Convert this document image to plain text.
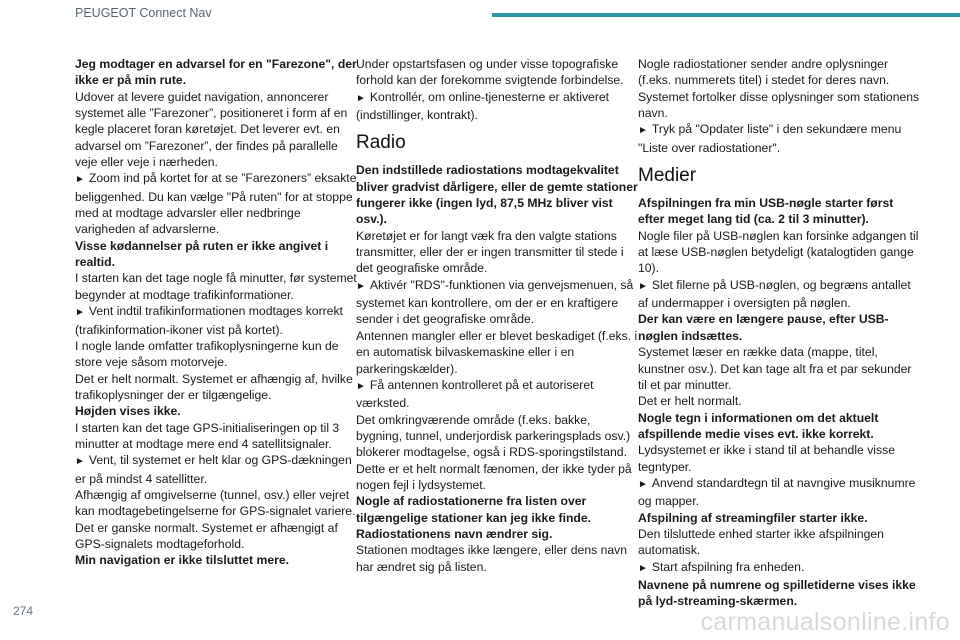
PEUGEOT Connect Nav

Jeg modtager en advarsel for en "Farezone", der ikke er på min rute.

Udover at levere guidet navigation, annoncerer systemet alle ”Farezoner”, positioneret i form af en kegle placeret foran køretøjet. Det leverer evt. en advarsel om ”Farezoner”, der findes på parallelle veje eller veje i nærheden.

► Zoom ind på kortet for at se ”Farezoners” eksakte beliggenhed. Du kan vælge "På ruten" for at stoppe med at modtage advarsler eller nedbringe varigheden af advarslerne.

Visse kødannelser på ruten er ikke angivet i realtid.

I starten kan det tage nogle få minutter, før systemet begynder at modtage trafikinformationer.

► Vent indtil trafikinformationen modtages korrekt (trafikinformation-ikoner vist på kortet).

I nogle lande omfatter trafikoplysningerne kun de store veje såsom motorveje.

Det er helt normalt. Systemet er afhængig af, hvilke trafikoplysninger der er tilgængelige.

Højden vises ikke.

I starten kan det tage GPS-initialiseringen op til 3 minutter at modtage mere end 4 satellitsignaler.

► Vent, til systemet er helt klar og GPS-dækningen er på mindst 4 satellitter.

Afhængig af omgivelserne (tunnel, osv.) eller vejret kan modtagebetingelserne for GPS-signalet variere.

Det er ganske normalt. Systemet er afhængigt af GPS-signalets modtageforhold.

Min navigation er ikke tilsluttet mere.

Under opstartsfasen og under visse topografiske forhold kan der forekomme svigtende forbindelse.

► Kontrollér, om online-tjenesterne er aktiveret (indstillinger, kontrakt).

Radio

Den indstillede radiostations modtagekvalitet bliver gradvist dårligere, eller de gemte stationer fungerer ikke (ingen lyd, 87,5 MHz bliver vist osv.).

Køretøjet er for langt væk fra den valgte stations transmitter, eller der er ingen transmitter til stede i det geografiske område.

► Aktivér "RDS"-funktionen via genvejsmenuen, så systemet kan kontrollere, om der er en kraftigere sender i det geografiske område.

Antennen mangler eller er blevet beskadiget (f.eks. i en automatisk bilvaskemaskine eller i en parkeringskælder).

► Få antennen kontrolleret på et autoriseret værksted.

Det omkringværende område (f.eks. bakke, bygning, tunnel, underjordisk parkeringsplads osv.) blokerer modtagelse, også i RDS-sporingstilstand.

Dette er et helt normalt fænomen, der ikke tyder på nogen fejl i lydsystemet.

Nogle af radiostationerne fra listen over tilgængelige stationer kan jeg ikke finde.

Radiostationens navn ændrer sig.

Stationen modtages ikke længere, eller dens navn har ændret sig på listen.

Nogle radiostationer sender andre oplysninger (f.eks. nummerets titel) i stedet for deres navn. Systemet fortolker disse oplysninger som stationens navn.

► Tryk på "Opdater liste" i den sekundære menu "Liste over radiostationer".

Medier

Afspilningen fra min USB-nøgle starter først efter meget lang tid (ca. 2 til 3 minutter).

Nogle filer på USB-nøglen kan forsinke adgangen til at læse USB-nøglen betydeligt (katalogtiden gange 10).

► Slet filerne på USB-nøglen, og begræns antallet af undermapper i oversigten på nøglen.

Der kan være en længere pause, efter USB-nøglen indsættes.

Systemet læser en række data (mappe, titel, kunstner osv.). Det kan tage alt fra et par sekunder til et par minutter.

Det er helt normalt.

Nogle tegn i informationen om det aktuelt afspillende medie vises evt. ikke korrekt.

Lydsystemet er ikke i stand til at behandle visse tegntyper.

► Anvend standardtegn til at navngive musiknumre og mapper.

Afspilning af streamingfiler starter ikke.

Den tilsluttede enhed starter ikke afspilningen automatisk.

► Start afspilning fra enheden.

Navnene på numrene og spilletiderne vises ikke på lyd-streaming-skærmen.

274	carmanualsonline.info
